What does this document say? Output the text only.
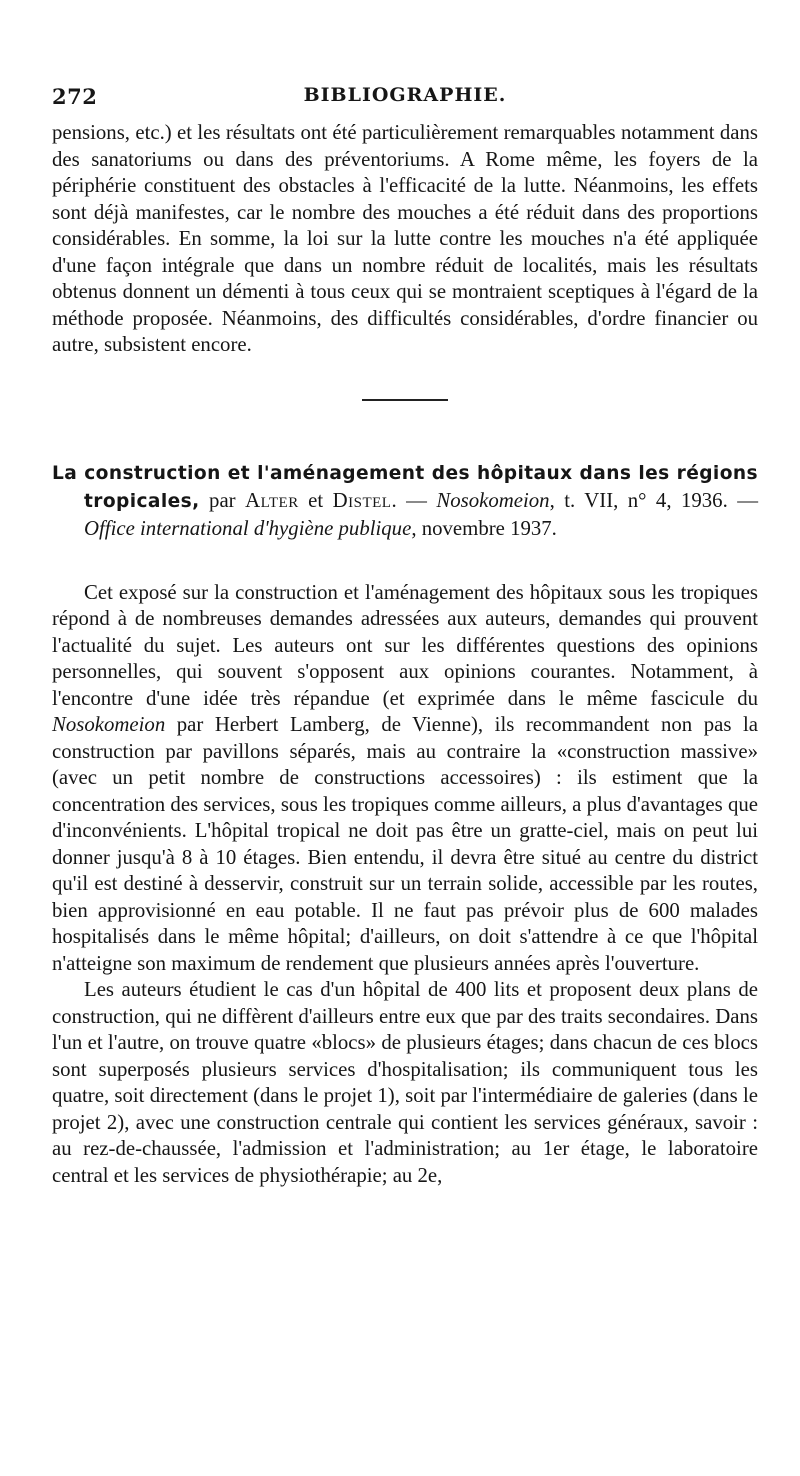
272	BIBLIOGRAPHIE.

pensions, etc.) et les résultats ont été particulièrement remarquables notamment dans des sanatoriums ou dans des préventoriums. A Rome même, les foyers de la périphérie constituent des obstacles à l'efficacité de la lutte. Néanmoins, les effets sont déjà manifestes, car le nombre des mouches a été réduit dans des proportions considérables. En somme, la loi sur la lutte contre les mouches n'a été appliquée d'une façon intégrale que dans un nombre réduit de localités, mais les résultats obtenus donnent un démenti à tous ceux qui se montraient sceptiques à l'égard de la méthode proposée. Néanmoins, des difficultés considérables, d'ordre financier ou autre, subsistent encore.

La construction et l'aménagement des hôpitaux dans les régions tropicales, par Alter et Distel. — Nosokomeion, t. VII, n° 4, 1936. — Office international d'hygiène publique, novembre 1937.

Cet exposé sur la construction et l'aménagement des hôpitaux sous les tropiques répond à de nombreuses demandes adressées aux auteurs, demandes qui prouvent l'actualité du sujet. Les auteurs ont sur les différentes questions des opinions personnelles, qui souvent s'opposent aux opinions courantes. Notamment, à l'encontre d'une idée très répandue (et exprimée dans le même fascicule du Nosokomeion par Herbert Lamberg, de Vienne), ils recommandent non pas la construction par pavillons séparés, mais au contraire la «construction massive» (avec un petit nombre de constructions accessoires) : ils estiment que la concentration des services, sous les tropiques comme ailleurs, a plus d'avantages que d'inconvénients. L'hôpital tropical ne doit pas être un gratte-ciel, mais on peut lui donner jusqu'à 8 à 10 étages. Bien entendu, il devra être situé au centre du district qu'il est destiné à desservir, construit sur un terrain solide, accessible par les routes, bien approvisionné en eau potable. Il ne faut pas prévoir plus de 600 malades hospitalisés dans le même hôpital; d'ailleurs, on doit s'attendre à ce que l'hôpital n'atteigne son maximum de rendement que plusieurs années après l'ouverture.

Les auteurs étudient le cas d'un hôpital de 400 lits et proposent deux plans de construction, qui ne diffèrent d'ailleurs entre eux que par des traits secondaires. Dans l'un et l'autre, on trouve quatre «blocs» de plusieurs étages; dans chacun de ces blocs sont superposés plusieurs services d'hospitalisation; ils communiquent tous les quatre, soit directement (dans le projet 1), soit par l'intermédiaire de galeries (dans le projet 2), avec une construction centrale qui contient les services généraux, savoir : au rez-de-chaussée, l'admission et l'administration; au 1er étage, le laboratoire central et les services de physiothérapie; au 2e,
